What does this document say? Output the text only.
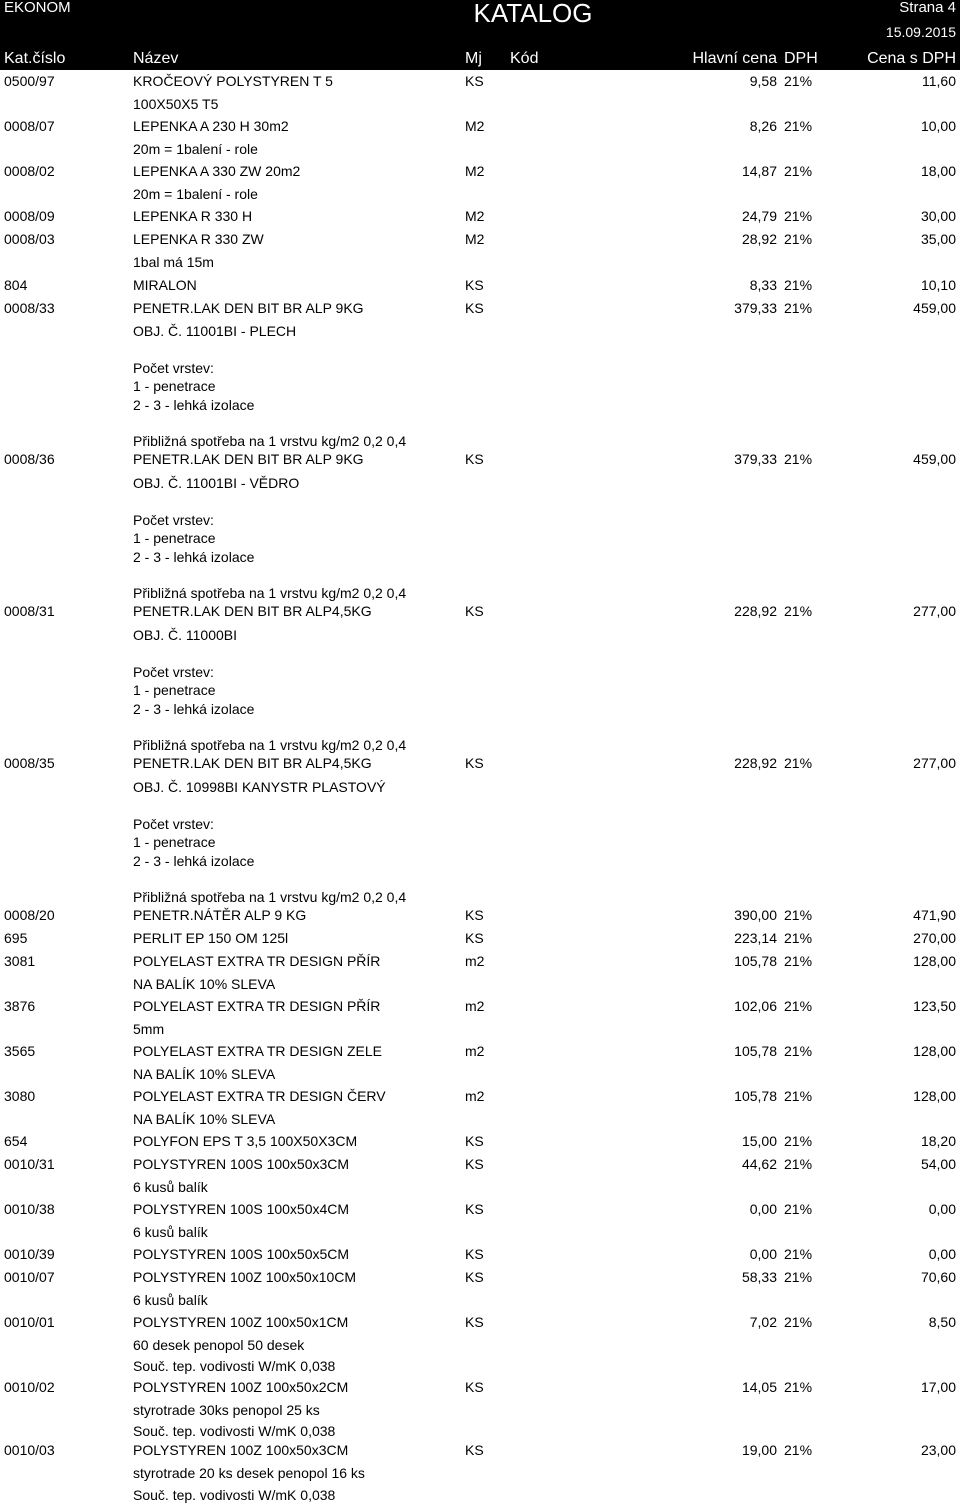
EKONOM	KATALOG	Strana 4
15.09.2015
Kat.číslo	Název	Mj Kód	Hlavní cena DPH	Cena s DPH
0500/97	KROČEOVÝ POLYSTYREN T 5	KS	9,58 21%	11,60
100X50X5 T5
0008/07	LEPENKA A 230 H 30m2	M2	8,26 21%	10,00
20m = 1balení - role
0008/02	LEPENKA A 330 ZW 20m2	M2	14,87 21%	18,00
20m = 1balení - role
0008/09	LEPENKA R 330 H	M2	24,79 21%	30,00
0008/03	LEPENKA R 330 ZW	M2	28,92 21%	35,00
1bal má 15m
804	MIRALON	KS	8,33 21%	10,10
0008/33	PENETR.LAK DEN BIT BR ALP 9KG	KS	379,33 21%	459,00
OBJ. Č. 11001BI - PLECH
Počet vrstev:
1 - penetrace
2 - 3 - lehká izolace
Přibližná spotřeba na 1 vrstvu kg/m2 0,2 0,4
0008/36	PENETR.LAK DEN BIT BR ALP 9KG	KS	379,33 21%	459,00
OBJ. Č. 11001BI - VĚDRO
Počet vrstev:
1 - penetrace
2 - 3 - lehká izolace
Přibližná spotřeba na 1 vrstvu kg/m2 0,2 0,4
0008/31	PENETR.LAK DEN BIT BR ALP4,5KG	KS	228,92 21%	277,00
OBJ. Č. 11000BI
Počet vrstev:
1 - penetrace
2 - 3 - lehká izolace
Přibližná spotřeba na 1 vrstvu kg/m2 0,2 0,4
0008/35	PENETR.LAK DEN BIT BR ALP4,5KG	KS	228,92 21%	277,00
OBJ. Č. 10998BI KANYSTR PLASTOVÝ
Počet vrstev:
1 - penetrace
2 - 3 - lehká izolace
Přibližná spotřeba na 1 vrstvu kg/m2 0,2 0,4
0008/20	PENETR.NÁTĚR ALP 9 KG	KS	390,00 21%	471,90
695	PERLIT EP 150 OM 125l	KS	223,14 21%	270,00
3081	POLYELAST EXTRA TR DESIGN PŘÍR	m2	105,78 21%	128,00
NA BALÍK 10% SLEVA
3876	POLYELAST EXTRA TR DESIGN PŘÍR	m2	102,06 21%	123,50
5mm
3565	POLYELAST EXTRA TR DESIGN ZELE	m2	105,78 21%	128,00
NA BALÍK 10% SLEVA
3080	POLYELAST EXTRA TR DESIGN ČERV	m2	105,78 21%	128,00
NA BALÍK 10% SLEVA
654	POLYFON EPS T 3,5 100X50X3CM	KS	15,00 21%	18,20
0010/31	POLYSTYREN 100S 100x50x3CM	KS	44,62 21%	54,00
6 kusů balík
0010/38	POLYSTYREN 100S 100x50x4CM	KS	0,00 21%	0,00
6 kusů balík
0010/39	POLYSTYREN 100S 100x50x5CM	KS	0,00 21%	0,00
0010/07	POLYSTYREN 100Z 100x50x10CM	KS	58,33 21%	70,60
6 kusů balík
0010/01	POLYSTYREN 100Z 100x50x1CM	KS	7,02 21%	8,50
60 desek penopol 50 desek
Souč. tep. vodivosti W/mK 0,038
0010/02	POLYSTYREN 100Z 100x50x2CM	KS	14,05 21%	17,00
styrotrade 30ks penopol 25 ks
Souč. tep. vodivosti W/mK 0,038
0010/03	POLYSTYREN 100Z 100x50x3CM	KS	19,00 21%	23,00
styrotrade 20 ks desek penopol 16 ks
Souč. tep. vodivosti W/mK 0,038
